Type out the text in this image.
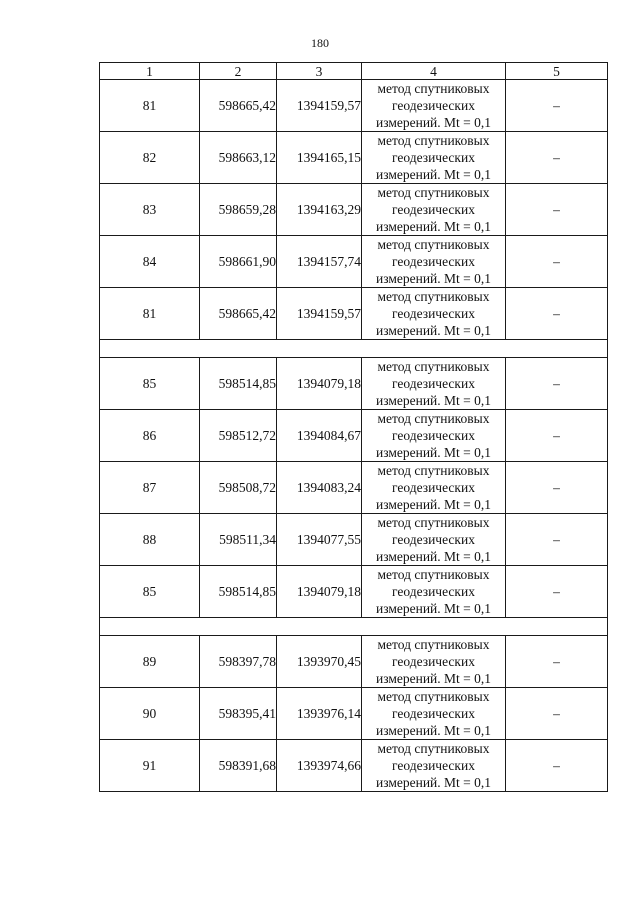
180
1	2	3	4	5
81	598665,42	1394159,57	метод спутниковых
геодезических
измерений. Mt = 0,1	–
82	598663,12	1394165,15	метод спутниковых
геодезических
измерений. Mt = 0,1	–
83	598659,28	1394163,29	метод спутниковых
геодезических
измерений. Mt = 0,1	–
84	598661,90	1394157,74	метод спутниковых
геодезических
измерений. Mt = 0,1	–
81	598665,42	1394159,57	метод спутниковых
геодезических
измерений. Mt = 0,1	–

85	598514,85	1394079,18	метод спутниковых
геодезических
измерений. Mt = 0,1	–
86	598512,72	1394084,67	метод спутниковых
геодезических
измерений. Mt = 0,1	–
87	598508,72	1394083,24	метод спутниковых
геодезических
измерений. Mt = 0,1	–
88	598511,34	1394077,55	метод спутниковых
геодезических
измерений. Mt = 0,1	–
85	598514,85	1394079,18	метод спутниковых
геодезических
измерений. Mt = 0,1	–

89	598397,78	1393970,45	метод спутниковых
геодезических
измерений. Mt = 0,1	–
90	598395,41	1393976,14	метод спутниковых
геодезических
измерений. Mt = 0,1	–
91	598391,68	1393974,66	метод спутниковых
геодезических
измерений. Mt = 0,1	–
